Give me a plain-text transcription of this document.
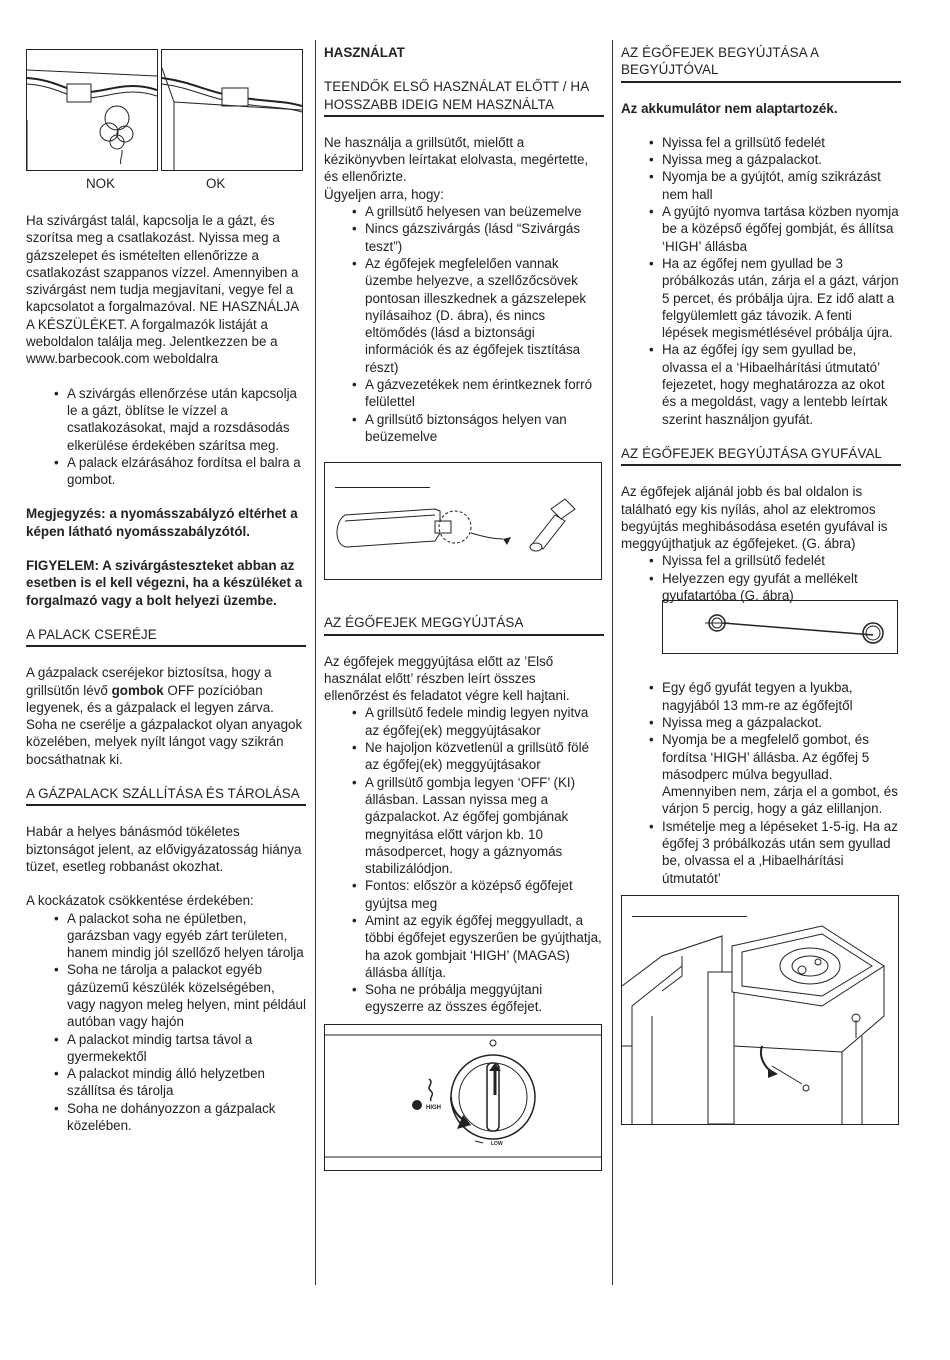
NOK	OK

Ha szivárgást talál, kapcsolja le a gázt, és szorítsa meg a csatlakozást. Nyissa meg a gázszelepet és ismételten ellenőrizze a csatlakozást szappanos vízzel. Amennyiben a szivárgást nem tudja megjavítani, vegye fel a kapcsolatot a forgalmazóval. NE HASZNÁLJA A KÉSZÜLÉKET. A forgalmazók listáját a weboldalon találja meg. Jelentkezzen be a www.barbecook.com weboldalra

• A szivárgás ellenőrzése után kapcsolja le a gázt, öblítse le vízzel a csatlakozásokat, majd a rozsdásodás elkerülése érdekében szárítsa meg.
• A palack elzárásához fordítsa el balra a gombot.

Megjegyzés: a nyomásszabályzó eltérhet a képen látható nyomásszabályzótól.

FIGYELEM: A szivárgásteszteket abban az esetben is el kell végezni, ha a készüléket a forgalmazó vagy a bolt helyezi üzembe.

A PALACK CSERÉJE

A gázpalack cseréjekor biztosítsa, hogy a grillsütőn lévő gombok OFF pozícióban legyenek, és a gázpalack el legyen zárva. Soha ne cserélje a gázpalackot olyan anyagok közelében, melyek nyílt lángot vagy szikrán bocsáthatnak ki.

A GÁZPALACK SZÁLLÍTÁSA ÉS TÁROLÁSA

Habár a helyes bánásmód tökéletes biztonságot jelent, az elővigyázatosság hiánya tüzet, esetleg robbanást okozhat.

A kockázatok csökkentése érdekében:

• A palackot soha ne épületben, garázsban vagy egyéb zárt területen, hanem mindig jól szellőző helyen tárolja
• Soha ne tárolja a palackot egyéb gázüzemű készülék közelségében, vagy nagyon meleg helyen, mint például autóban vagy hajón
• A palackot mindig tartsa távol a gyermekektől
• A palackot mindig álló helyzetben szállítsa és tárolja
• Soha ne dohányozzon a gázpalack közelében.

HASZNÁLAT

TEENDŐK ELSŐ HASZNÁLAT ELŐTT / HA HOSSZABB IDEIG NEM HASZNÁLTA

Ne használja a grillsütőt, mielőtt a kézikönyvben leírtakat elolvasta, megértette, és ellenőrizte.

Ügyeljen arra, hogy:

• A grillsütő helyesen van beüzemelve
• Nincs gázszivárgás (lásd “Szivárgás teszt”)
• Az égőfejek megfelelően vannak üzembe helyezve, a szellőzőcsövek pontosan illeszkednek a gázszelepek nyílásaihoz (D. ábra), és nincs eltömődés (lásd a biztonsági információk és az égőfejek tisztítása részt)
• A gázvezetékek nem érintkeznek forró felülettel
• A grillsütő biztonságos helyen van beüzemelve
AZ ÉGŐFEJEK MEGGYÚJTÁSA

Az égőfejek meggyújtása előtt az ’Első használat előtt’ részben leírt összes ellenőrzést és feladatot végre kell hajtani.

• A grillsütő fedele mindig legyen nyitva az égőfej(ek) meggyújtásakor
• Ne hajoljon közvetlenül a grillsütő fölé az égőfej(ek) meggyújtásakor
• A grillsütő gombja legyen ‘OFF’ (KI) állásban. Lassan nyissa meg a gázpalackot. Az égőfej gombjának megnyitása előtt várjon kb. 10 másodpercet, hogy a gáznyomás stabilizálódjon.
• Fontos: először a középső égőfejet gyújtsa meg
• Amint az egyik égőfej meggyulladt, a többi égőfejet egyszerűen be gyújthatja, ha azok gombjait ‘HIGH’ (MAGAS) állásba állítja.
• Soha ne próbálja meggyújtani egyszerre az összes égőfejet.
HIGH
LOW
AZ ÉGŐFEJEK BEGYÚJTÁSA A BEGYÚJTÓVAL

Az akkumulátor nem alaptartozék.

• Nyissa fel a grillsütő fedelét
• Nyissa meg a gázpalackot.
• Nyomja be a gyújtót, amíg szikrázást nem hall
• A gyújtó nyomva tartása közben nyomja be a középső égőfej gombját, és állítsa ‘HIGH’ állásba
• Ha az égőfej nem gyullad be 3 próbálkozás után, zárja el a gázt, várjon 5 percet, és próbálja újra. Ez idő alatt a felgyülemlett gáz távozik. A fenti lépések megismétlésével próbálja újra.
• Ha az égőfej így sem gyullad be, olvassa el a ‘Hibaelhárítási útmutató’ fejezetet, hogy meghatározza az okot és a megoldást, vagy a lentebb leírtak szerint használjon gyufát.
AZ ÉGŐFEJEK BEGYÚJTÁSA GYUFÁVAL

Az égőfejek aljánál jobb és bal oldalon is található egy kis nyílás, ahol az elektromos begyújtás meghibásodása esetén gyufával is meggyújthatjuk az égőfejeket. (G. ábra)

• Nyissa fel a grillsütő fedelét
• Helyezzen egy gyufát a mellékelt gyufatartóba (G. ábra)
• Egy égő gyufát tegyen a lyukba, nagyjából 13 mm-re az égőfejtől
• Nyissa meg a gázpalackot.
• Nyomja be a megfelelő gombot, és fordítsa ‘HIGH’ állásba. Az égőfej 5 másodperc múlva begyullad. Amennyiben nem, zárja el a gombot, és várjon 5 percig, hogy a gáz elillanjon.
• Ismételje meg a lépéseket 1-5-ig. Ha az égőfej 3 próbálkozás után sem gyullad be, olvassa el a ‚Hibaelhárítási útmutatót’
